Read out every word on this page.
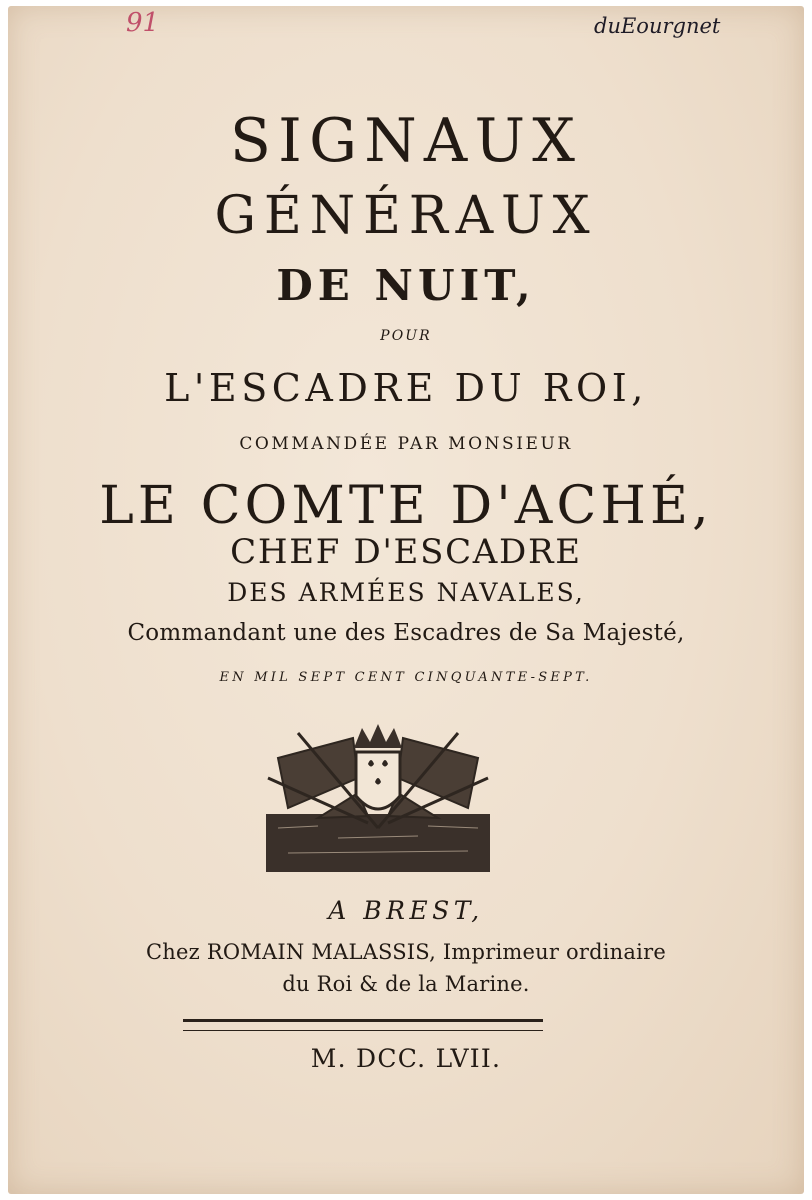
91	duEourgnet
SIGNAUX
GÉNÉRAUX
DE NUIT,
POUR
L'ESCADRE DU ROI,
COMMANDÉE PAR MONSIEUR
LE COMTE D'ACHÉ,
CHEF D'ESCADRE
DES ARMÉES NAVALES,
Commandant une des Escadres de Sa Majesté,
EN MIL SEPT CENT CINQUANTE-SEPT.
A BREST,
Chez ROMAIN MALASSIS, Imprimeur ordinaire
du Roi & de la Marine.
M. DCC. LVII.
